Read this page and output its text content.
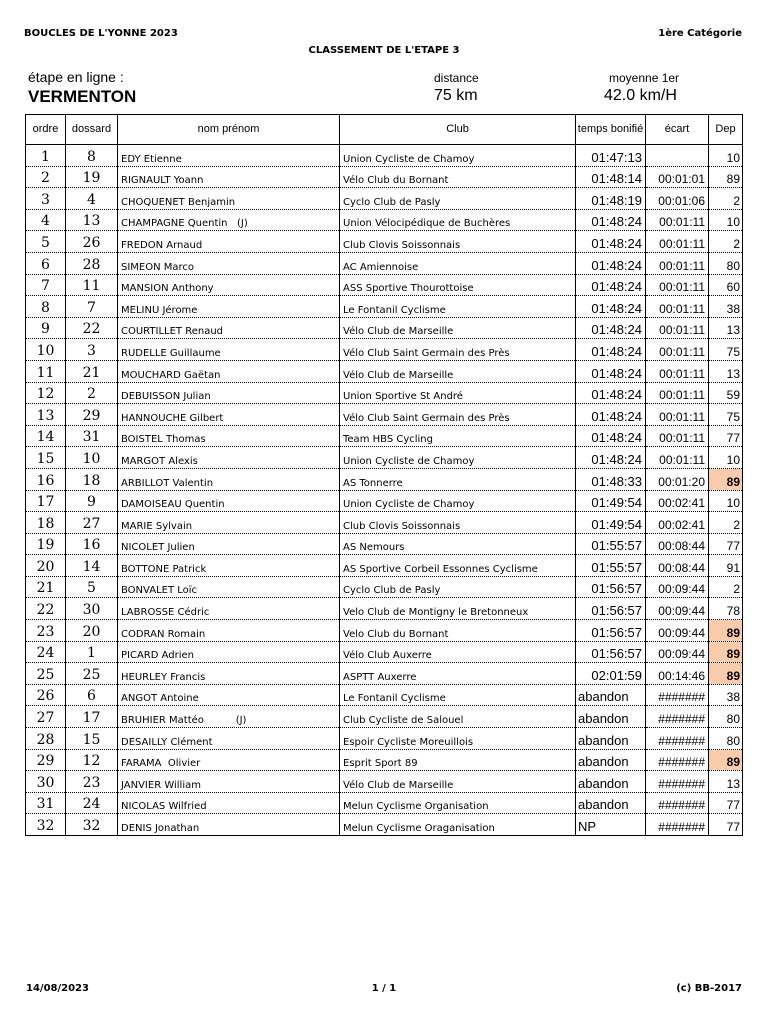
BOUCLES DE L'YONNE 2023	1ère Catégorie
CLASSEMENT DE L'ETAPE 3
étape en ligne :
VERMENTON
distance
75 km
moyenne 1er
42.0 km/H
ordre	dossard	nom prénom	Club	temps bonifié	écart	Dep
1	8	EDY Etienne	Union Cycliste de Chamoy	01:47:13		10
2	19	RIGNAULT Yoann	Vélo Club du Bornant	01:48:14	00:01:01	89
3	4	CHOQUENET Benjamin	Cyclo Club de Pasly	01:48:19	00:01:06	2
4	13	CHAMPAGNE Quentin   (J)	Union Vélocipédique de Buchères	01:48:24	00:01:11	10
5	26	FREDON Arnaud	Club Clovis Soissonnais	01:48:24	00:01:11	2
6	28	SIMEON Marco	AC Amiennoise	01:48:24	00:01:11	80
7	11	MANSION Anthony	ASS Sportive Thourottoise	01:48:24	00:01:11	60
8	7	MELINU Jérome	Le Fontanil Cyclisme	01:48:24	00:01:11	38
9	22	COURTILLET Renaud	Vélo Club de Marseille	01:48:24	00:01:11	13
10	3	RUDELLE Guillaume	Vélo Club Saint Germain des Près	01:48:24	00:01:11	75
11	21	MOUCHARD Gaëtan	Vélo Club de Marseille	01:48:24	00:01:11	13
12	2	DEBUISSON Julian	Union Sportive St André	01:48:24	00:01:11	59
13	29	HANNOUCHE Gilbert	Vélo Club Saint Germain des Près	01:48:24	00:01:11	75
14	31	BOISTEL Thomas	Team HBS Cycling	01:48:24	00:01:11	77
15	10	MARGOT Alexis	Union Cycliste de Chamoy	01:48:24	00:01:11	10
16	18	ARBILLOT Valentin	AS Tonnerre	01:48:33	00:01:20	89
17	9	DAMOISEAU Quentin	Union Cycliste de Chamoy	01:49:54	00:02:41	10
18	27	MARIE Sylvain	Club Clovis Soissonnais	01:49:54	00:02:41	2
19	16	NICOLET Julien	AS Nemours	01:55:57	00:08:44	77
20	14	BOTTONE Patrick	AS Sportive Corbeil Essonnes Cyclisme	01:55:57	00:08:44	91
21	5	BONVALET Loïc	Cyclo Club de Pasly	01:56:57	00:09:44	2
22	30	LABROSSE Cédric	Velo Club de Montigny le Bretonneux	01:56:57	00:09:44	78
23	20	CODRAN Romain	Velo Club du Bornant	01:56:57	00:09:44	89
24	1	PICARD Adrien	Vélo Club Auxerre	01:56:57	00:09:44	89
25	25	HEURLEY Francis	ASPTT Auxerre	02:01:59	00:14:46	89
26	6	ANGOT Antoine	Le Fontanil Cyclisme	abandon	#######	38
27	17	BRUHIER Mattéo          (J)	Club Cycliste de Salouel	abandon	#######	80
28	15	DESAILLY Clément	Espoir Cycliste Moreuillois	abandon	#######	80
29	12	FARAMA  Olivier	Esprit Sport 89	abandon	#######	89
30	23	JANVIER William	Vélo Club de Marseille	abandon	#######	13
31	24	NICOLAS Wilfried	Melun Cyclisme Organisation	abandon	#######	77
32	32	DENIS Jonathan	Melun Cyclisme Oraganisation	NP	#######	77
14/08/2023	1 / 1	(c) BB-2017
